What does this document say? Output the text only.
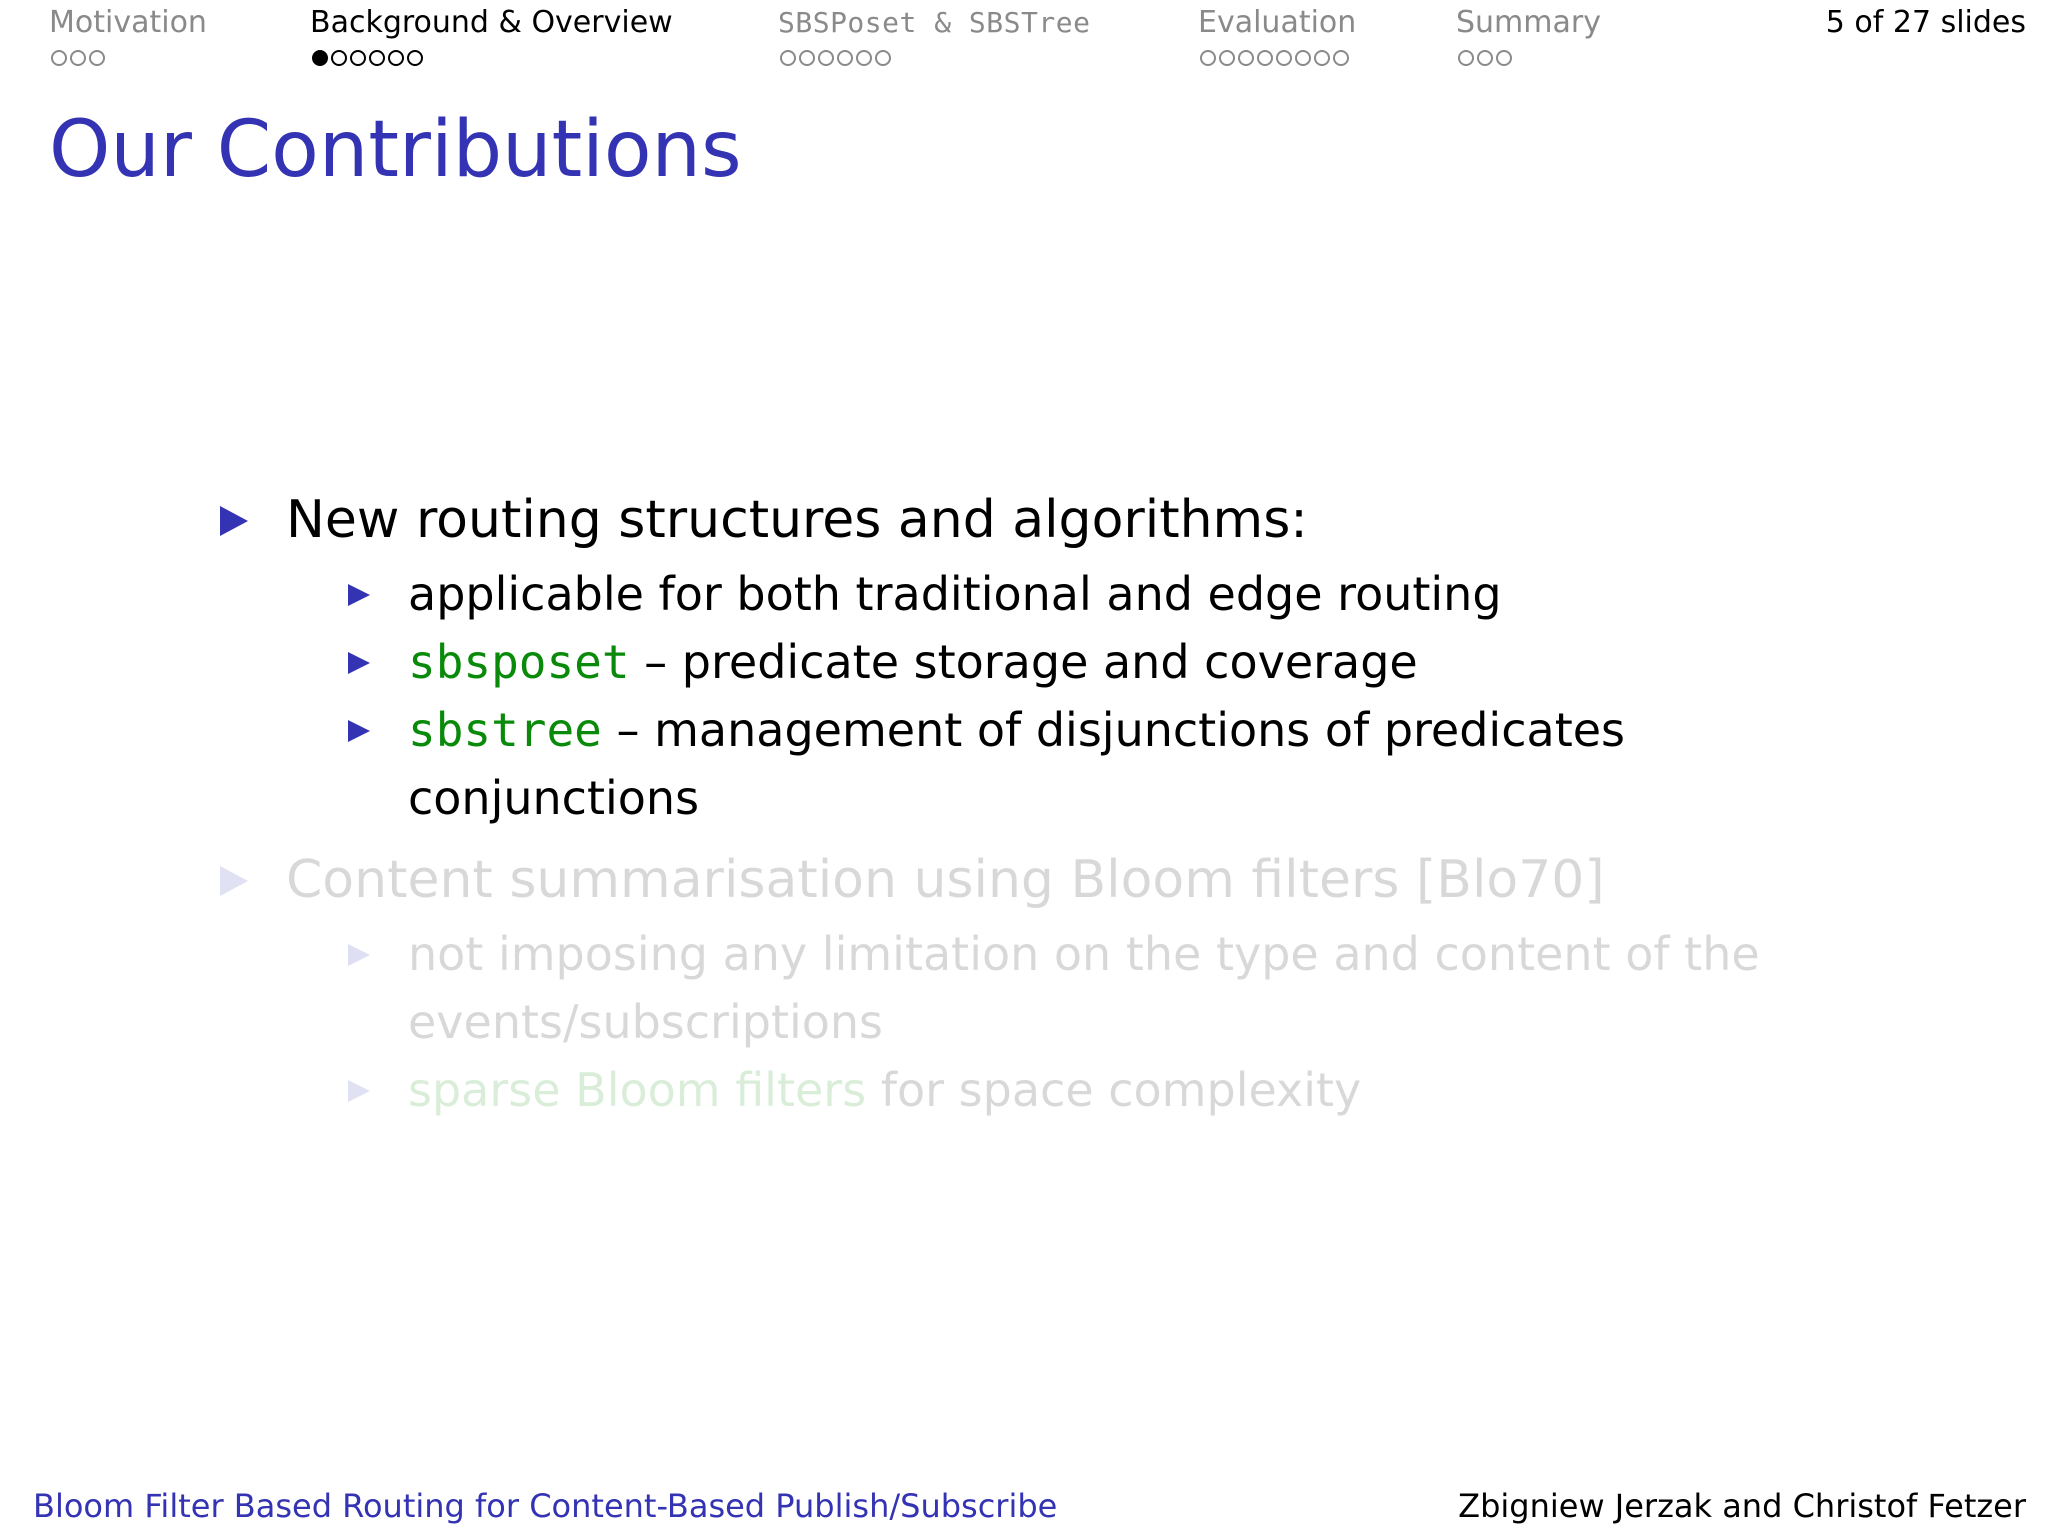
Motivation	Background & Overview	SBSPoset & SBSTree	Evaluation	Summary	5 of 27 slides
Our Contributions
New routing structures and algorithms:
applicable for both traditional and edge routing
sbsposet – predicate storage and coverage
sbstree – management of disjunctions of predicates conjunctions
Content summarisation using Bloom filters [Blo70]
not imposing any limitation on the type and content of the events/subscriptions
sparse Bloom filters for space complexity
Bloom Filter Based Routing for Content-Based Publish/Subscribe	Zbigniew Jerzak and Christof Fetzer
